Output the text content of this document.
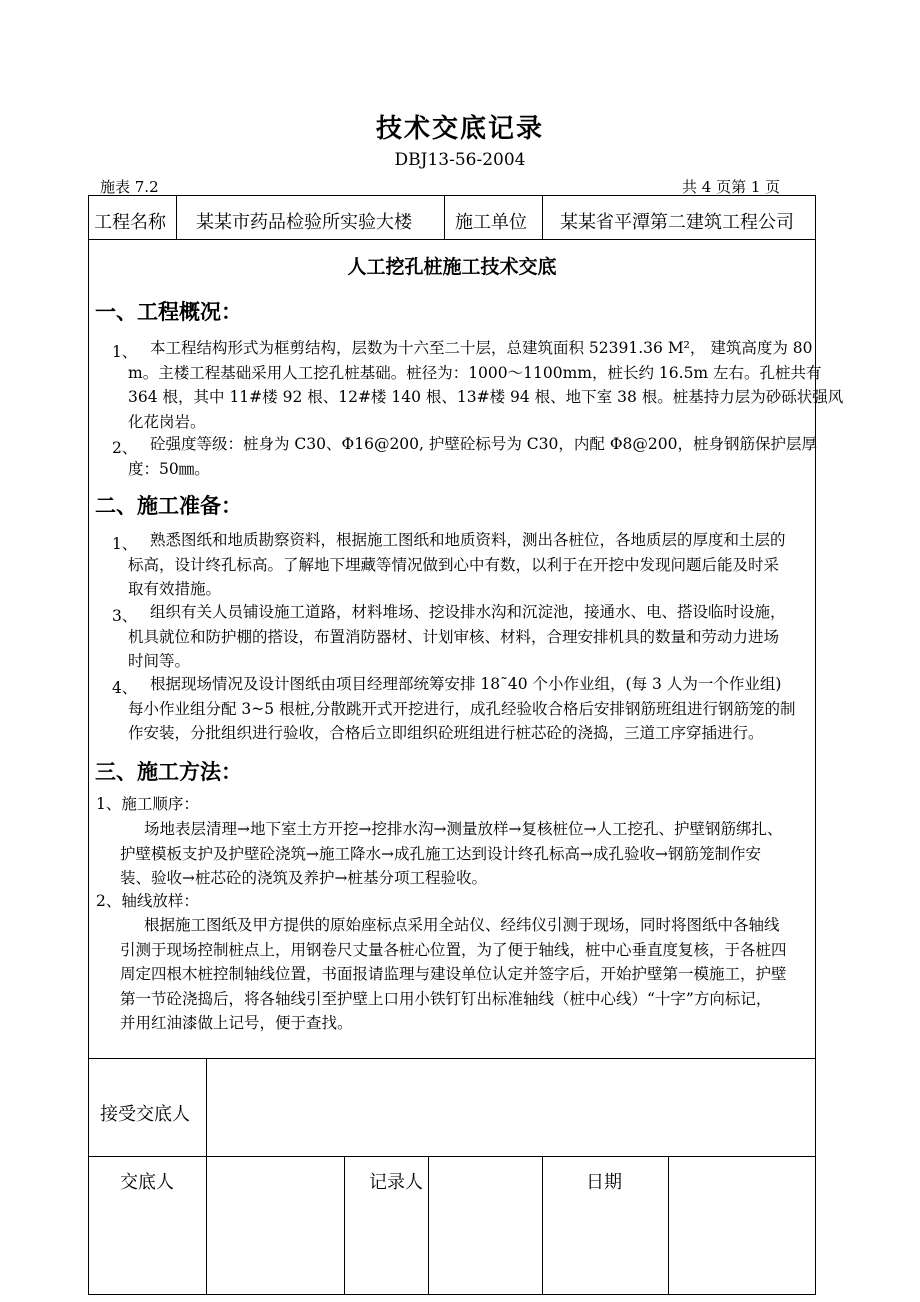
技术交底记录
DBJ13-56-2004
施表 7.2	共 4 页第 1 页
工程名称 某某市药品检验所实验大楼 施工单位 某某省平潭第二建筑工程公司
人工挖孔桩施工技术交底
一、工程概况：
1、 本工程结构形式为框剪结构，层数为十六至二十层，总建筑面积 52391.36 M²， 建筑高度为 80
m。主楼工程基础采用人工挖孔桩基础。桩径为：1000～1100mm，桩长约 16.5m 左右。孔桩共有
364 根，其中 11#楼 92 根、12#楼 140 根、13#楼 94 根、地下室 38 根。桩基持力层为砂砾状强风
化花岗岩。
2、 砼强度等级：桩身为 C30、Φ16@200, 护壁砼标号为 C30，内配 Φ8@200，桩身钢筋保护层厚
度：50㎜。
二、施工准备：
1、 熟悉图纸和地质勘察资料，根据施工图纸和地质资料，测出各桩位，各地质层的厚度和土层的
标高，设计终孔标高。了解地下埋藏等情况做到心中有数，以利于在开挖中发现问题后能及时采
取有效措施。
3、 组织有关人员铺设施工道路，材料堆场、挖设排水沟和沉淀池，接通水、电、搭设临时设施，
机具就位和防护棚的搭设，布置消防器材、计划审核、材料，合理安排机具的数量和劳动力进场
时间等。
4、 根据现场情况及设计图纸由项目经理部统筹安排 18˜40 个小作业组，(每 3 人为一个作业组)
每小作业组分配 3~5 根桩,分散跳开式开挖进行，成孔经验收合格后安排钢筋班组进行钢筋笼的制
作安装，分批组织进行验收，合格后立即组织砼班组进行桩芯砼的浇捣，三道工序穿插进行。
三、施工方法：
1、施工顺序：
场地表层清理→地下室土方开挖→挖排水沟→测量放样→复核桩位→人工挖孔、护壁钢筋绑扎、
护壁模板支护及护壁砼浇筑→施工降水→成孔施工达到设计终孔标高→成孔验收→钢筋笼制作安
装、验收→桩芯砼的浇筑及养护→桩基分项工程验收。
2、轴线放样：
根据施工图纸及甲方提供的原始座标点采用全站仪、经纬仪引测于现场，同时将图纸中各轴线
引测于现场控制桩点上，用钢卷尺丈量各桩心位置，为了便于轴线，桩中心垂直度复核，于各桩四
周定四根木桩控制轴线位置，书面报请监理与建设单位认定并签字后，开始护壁第一模施工，护壁
第一节砼浇捣后，将各轴线引至护壁上口用小铁钉钉出标准轴线（桩中心线）“十字”方向标记，
并用红油漆做上记号，便于查找。
接受交底人
交底人	记录人	日期
